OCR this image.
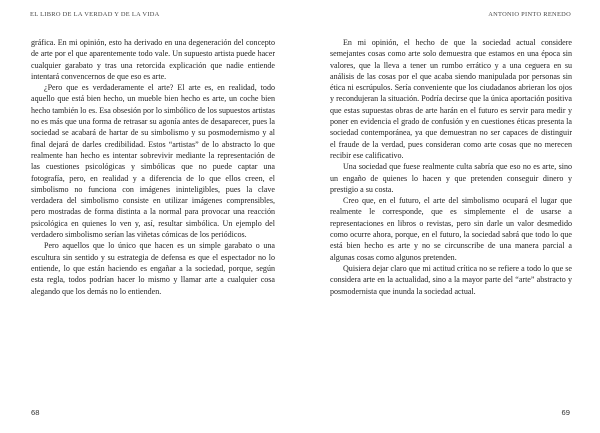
EL LIBRO DE LA VERDAD Y DE LA VIDA

gráfica. En mi opinión, esto ha derivado en una degeneración del concepto de arte por el que aparentemente todo vale. Un supuesto artista puede hacer cualquier garabato y tras una retorcida explicación que nadie entiende intentará convencernos de que eso es arte.

¿Pero que es verdaderamente el arte? El arte es, en realidad, todo aquello que está bien hecho, un mueble bien hecho es arte, un coche bien hecho también lo es. Esa obsesión por lo simbólico de los supuestos artistas no es más que una forma de retrasar su agonía antes de desaparecer, pues la sociedad se acabará de hartar de su simbolismo y su posmodernismo y al final dejará de darles credibilidad. Estos “artistas” de lo abstracto lo que realmente han hecho es intentar sobrevivir mediante la representación de las cuestiones psicológicas y simbólicas que no puede captar una fotografía, pero, en realidad y a diferencia de lo que ellos creen, el simbolismo no funciona con imágenes ininteligibles, pues la clave verdadera del simbolismo consiste en utilizar imágenes comprensibles, pero mostradas de forma distinta a la normal para provocar una reacción psicológica en quienes lo ven y, así, resultar simbólica. Un ejemplo del verdadero simbolismo serían las viñetas cómicas de los periódicos.

Pero aquellos que lo único que hacen es un simple garabato o una escultura sin sentido y su estrategia de defensa es que el espectador no lo entiende, lo que están haciendo es engañar a la sociedad, porque, según esta regla, todos podrían hacer lo mismo y llamar arte a cualquier cosa alegando que los demás no lo entienden.

68
ANTONIO PINTO RENEDO

En mi opinión, el hecho de que la sociedad actual considere semejantes cosas como arte solo demuestra que estamos en una época sin valores, que la lleva a tener un rumbo errático y a una ceguera en su análisis de las cosas por el que acaba siendo manipulada por personas sin ética ni escrúpulos. Sería conveniente que los ciudadanos abrieran los ojos y recondujeran la situación. Podría decirse que la única aportación positiva que estas supuestas obras de arte harán en el futuro es servir para medir y poner en evidencia el grado de confusión y en cuestiones éticas presenta la sociedad contemporánea, ya que demuestran no ser capaces de distinguir el fraude de la verdad, pues consideran como arte cosas que no merecen recibir ese calificativo.

Una sociedad que fuese realmente culta sabría que eso no es arte, sino un engaño de quienes lo hacen y que pretenden conseguir dinero y prestigio a su costa.

Creo que, en el futuro, el arte del simbolismo ocupará el lugar que realmente le corresponde, que es simplemente el de usarse a representaciones en libros o revistas, pero sin darle un valor desmedido como ocurre ahora, porque, en el futuro, la sociedad sabrá que todo lo que está bien hecho es arte y no se circunscribe de una manera parcial a algunas cosas como algunos pretenden.

Quisiera dejar claro que mi actitud crítica no se refiere a todo lo que se considera arte en la actualidad, sino a la mayor parte del “arte” abstracto y posmodernista que inunda la sociedad actual.

69
